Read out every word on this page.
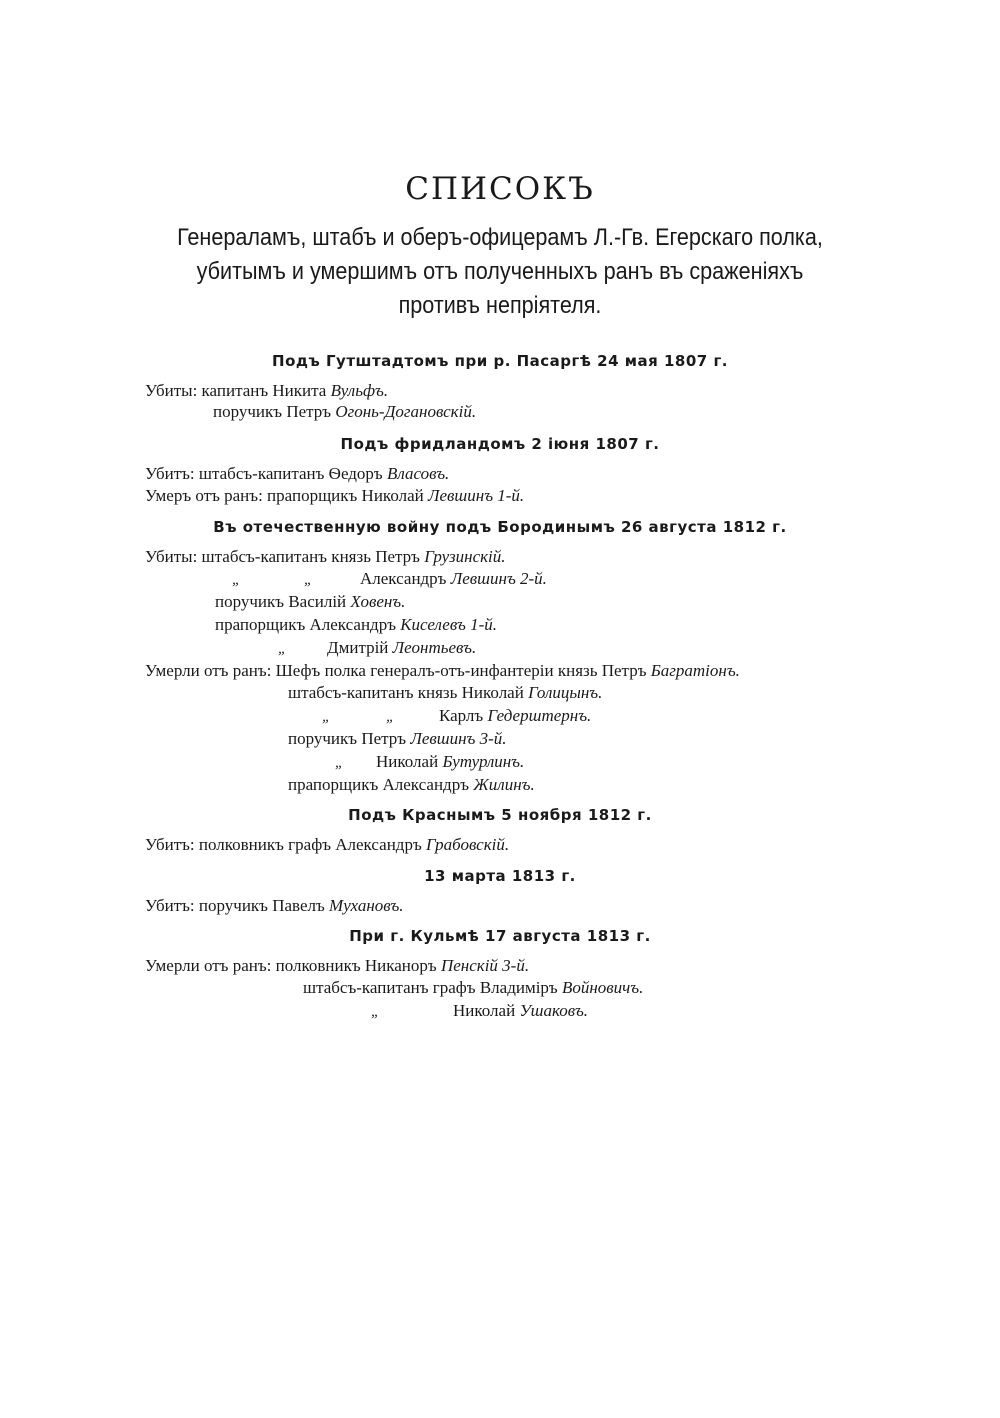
СПИСОКЪ
Генераламъ, штабъ и оберъ-офицерамъ Л.-Гв. Егерскаго полка,
убитымъ и умершимъ отъ полученныхъ ранъ въ сраженіяхъ
противъ непріятеля.
Подъ Гутштадтомъ при р. Пасаргѣ 24 мая 1807 г.
Убиты: капитанъ Никита Вульфъ.
поручикъ Петръ Огонь-Догановскій.
Подъ фридландомъ 2 іюня 1807 г.
Убитъ: штабсъ-капитанъ Ѳедоръ Власовъ.
Умеръ отъ ранъ: прапорщикъ Николай Левшинъ 1-й.
Въ отечественную войну подъ Бородинымъ 26 августа 1812 г.
Убиты: штабсъ-капитанъ князь Петръ Грузинскій.
„	„	Александръ Левшинъ 2-й.
поручикъ Василій Ховенъ.
прапорщикъ Александръ Киселевъ 1-й.
„ Дмитрій Леонтьевъ.
Умерли отъ ранъ: Шефъ полка генералъ-отъ-инфантеріи князь Петръ Багратіонъ.
штабсъ-капитанъ князь Николай Голицынъ.
„	„	Карлъ Гедерштернъ.
поручикъ Петръ Левшинъ 3-й.
„ Николай Бутурлинъ.
прапорщикъ Александръ Жилинъ.
Подъ Краснымъ 5 ноября 1812 г.
Убитъ: полковникъ графъ Александръ Грабовскій.
13 марта 1813 г.
Убитъ: поручикъ Павелъ Мухановъ.
При г. Кульмѣ 17 августа 1813 г.
Умерли отъ ранъ: полковникъ Никаноръ Пенскій 3-й.
штабсъ-капитанъ графъ Владиміръ Войновичъ.
„	Николай Ушаковъ.
